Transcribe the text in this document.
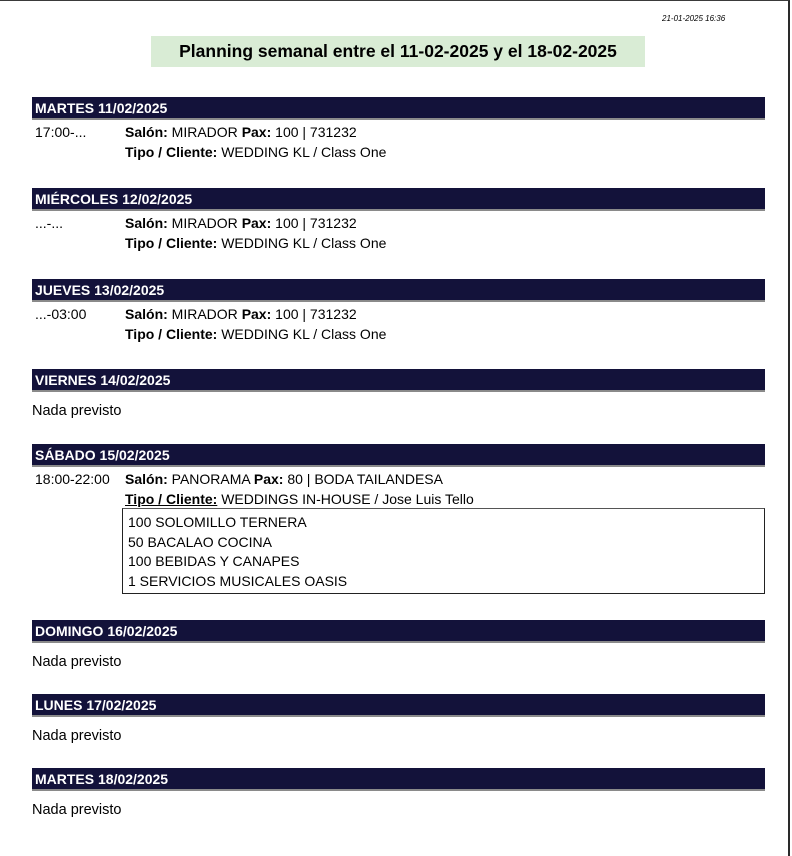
21-01-2025 16:36
Planning semanal entre el 11-02-2025 y el 18-02-2025
MARTES 11/02/2025
17:00-...	Salón: MIRADOR Pax: 100 | 731232
Tipo / Cliente: WEDDING KL / Class One
MIÉRCOLES 12/02/2025
...-...	Salón: MIRADOR Pax: 100 | 731232
Tipo / Cliente: WEDDING KL / Class One
JUEVES 13/02/2025
...-03:00	Salón: MIRADOR Pax: 100 | 731232
Tipo / Cliente: WEDDING KL / Class One
VIERNES 14/02/2025
Nada previsto
SÁBADO 15/02/2025
18:00-22:00 Salón: PANORAMA Pax: 80 | BODA TAILANDESA
Tipo / Cliente: WEDDINGS IN-HOUSE / Jose Luis Tello
100 SOLOMILLO TERNERA
50 BACALAO COCINA
100 BEBIDAS Y CANAPES
1 SERVICIOS MUSICALES OASIS
DOMINGO 16/02/2025
Nada previsto
LUNES 17/02/2025
Nada previsto
MARTES 18/02/2025
Nada previsto
